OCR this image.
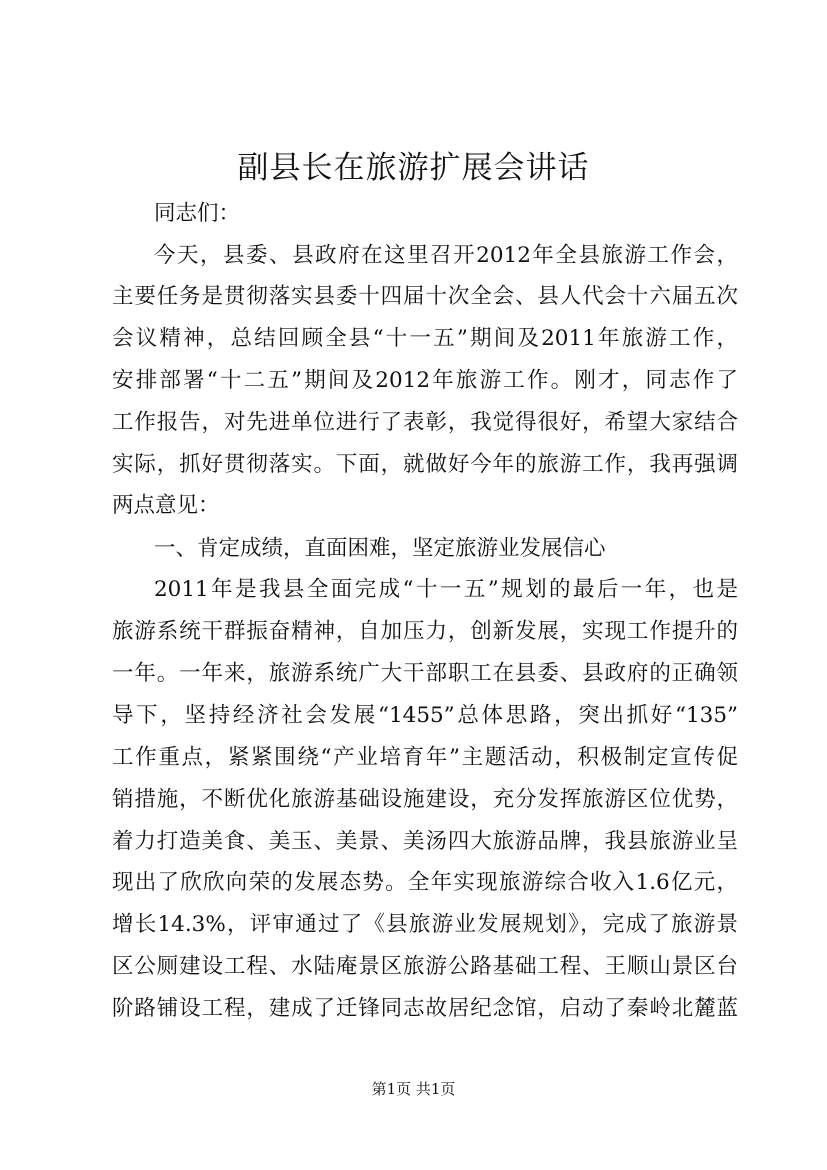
副县长在旅游扩展会讲话
同志们：
今天，县委、县政府在这里召开2012年全县旅游工作会，
主要任务是贯彻落实县委十四届十次全会、县人代会十六届五次
会议精神，总结回顾全县“十一五”期间及2011年旅游工作，
安排部署“十二五”期间及2012年旅游工作。刚才，同志作了
工作报告，对先进单位进行了表彰，我觉得很好，希望大家结合
实际，抓好贯彻落实。下面，就做好今年的旅游工作，我再强调
两点意见：
一、肯定成绩，直面困难，坚定旅游业发展信心
2011年是我县全面完成“十一五”规划的最后一年，也是
旅游系统干群振奋精神，自加压力，创新发展，实现工作提升的
一年。一年来，旅游系统广大干部职工在县委、县政府的正确领
导下，坚持经济社会发展“1455”总体思路，突出抓好“135”
工作重点，紧紧围绕“产业培育年”主题活动，积极制定宣传促
销措施，不断优化旅游基础设施建设，充分发挥旅游区位优势，
着力打造美食、美玉、美景、美汤四大旅游品牌，我县旅游业呈
现出了欣欣向荣的发展态势。全年实现旅游综合收入1.6亿元，
增长14.3%，评审通过了《县旅游业发展规划》，完成了旅游景
区公厕建设工程、水陆庵景区旅游公路基础工程、王顺山景区台
阶路铺设工程，建成了迁锋同志故居纪念馆，启动了秦岭北麓蓝
第1页 共1页
